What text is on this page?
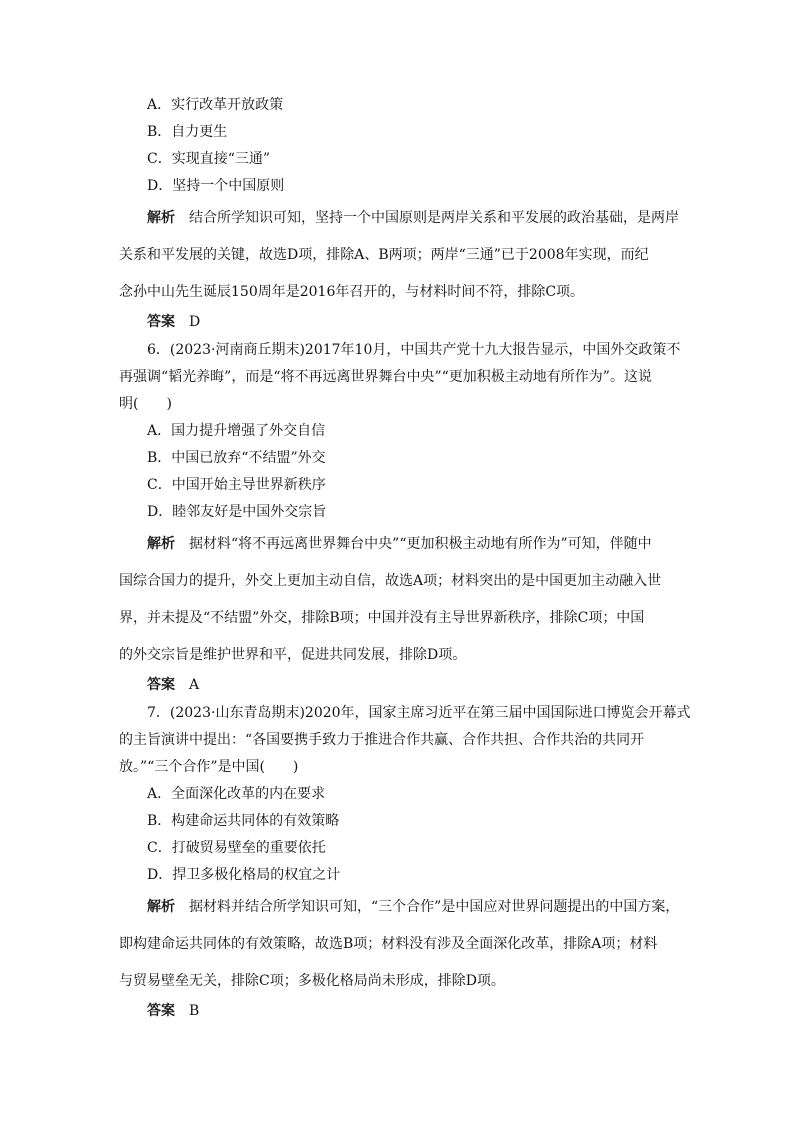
A．实行改革开放政策
B．自力更生
C．实现直接“三通”
D．坚持一个中国原则
解析 结合所学知识可知，坚持一个中国原则是两岸关系和平发展的政治基础，是两岸
关系和平发展的关键，故选D项，排除A、B两项；两岸“三通”已于2008年实现，而纪
念孙中山先生诞辰150周年是2016年召开的，与材料时间不符，排除C项。
答案 D
6．(2023·河南商丘期末)2017年10月，中国共产党十九大报告显示，中国外交政策不
再强调“韬光养晦”，而是“将不再远离世界舞台中央”“更加积极主动地有所作为”。这说
明(　　)
A．国力提升增强了外交自信
B．中国已放弃“不结盟”外交
C．中国开始主导世界新秩序
D．睦邻友好是中国外交宗旨
解析 据材料“将不再远离世界舞台中央”“更加积极主动地有所作为”可知，伴随中
国综合国力的提升，外交上更加主动自信，故选A项；材料突出的是中国更加主动融入世
界，并未提及“不结盟”外交，排除B项；中国并没有主导世界新秩序，排除C项；中国
的外交宗旨是维护世界和平，促进共同发展，排除D项。
答案 A
7．(2023·山东青岛期末)2020年，国家主席习近平在第三届中国国际进口博览会开幕式
的主旨演讲中提出：“各国要携手致力于推进合作共赢、合作共担、合作共治的共同开
放。”“三个合作”是中国(　　)
A．全面深化改革的内在要求
B．构建命运共同体的有效策略
C．打破贸易壁垒的重要依托
D．捍卫多极化格局的权宜之计
解析 据材料并结合所学知识可知，“三个合作”是中国应对世界问题提出的中国方案，
即构建命运共同体的有效策略，故选B项；材料没有涉及全面深化改革，排除A项；材料
与贸易壁垒无关，排除C项；多极化格局尚未形成，排除D项。
答案 B
